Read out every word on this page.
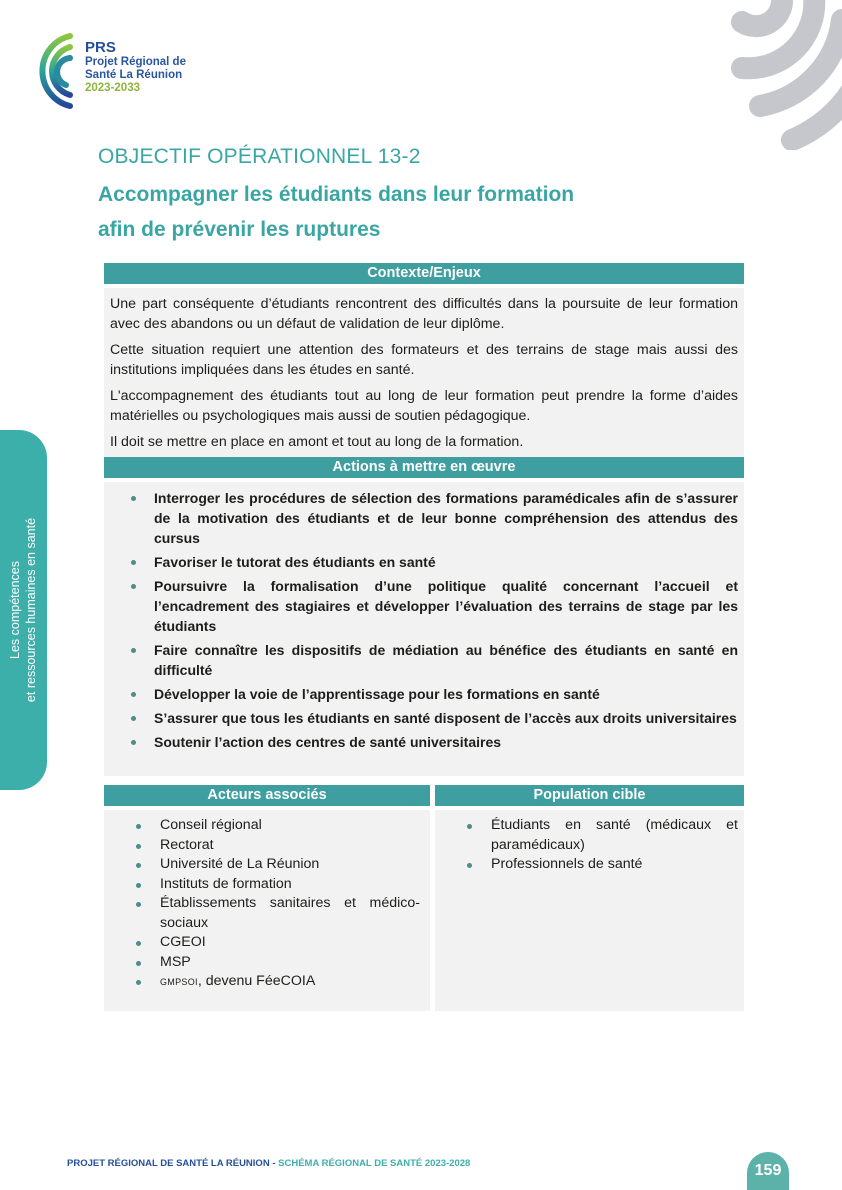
PRS
Projet Régional de
Santé La Réunion
2023-2033
OBJECTIF OPÉRATIONNEL 13-2
Accompagner les étudiants dans leur formation
afin de prévenir les ruptures
Contexte/Enjeux

Une part conséquente d’étudiants rencontrent des difficultés dans la poursuite de leur formation avec des abandons ou un défaut de validation de leur diplôme.

Cette situation requiert une attention des formateurs et des terrains de stage mais aussi des institutions impliquées dans les études en santé.

L'accompagnement des étudiants tout au long de leur formation peut prendre la forme d’aides matérielles ou psychologiques mais aussi de soutien pédagogique.

Il doit se mettre en place en amont et tout au long de la formation.

Actions à mettre en œuvre
Interroger les procédures de sélection des formations paramédicales afin de s’assurer de la motivation des étudiants et de leur bonne compréhension des attendus des cursus
Favoriser le tutorat des étudiants en santé
Poursuivre la formalisation d’une politique qualité concernant l’accueil et l’encadrement des stagiaires et développer l’évaluation des terrains de stage par les étudiants
Faire connaître les dispositifs de médiation au bénéfice des étudiants en santé en difficulté
Développer la voie de l’apprentissage pour les formations en santé
S’assurer que tous les étudiants en santé disposent de l’accès aux droits universitaires
Soutenir l’action des centres de santé universitaires
Acteurs associés
Conseil régional
Rectorat
Université de La Réunion
Instituts de formation
Établissements sanitaires et médico-sociaux
CGEOI
MSP
GMPSOI, devenu FéeCOIA
Population cible
Étudiants en santé (médicaux et paramédicaux)
Professionnels de santé
Les compétences et ressources humaines en santé
PROJET RÉGIONAL DE SANTÉ LA RÉUNION - SCHÉMA RÉGIONAL DE SANTÉ 2023-2028	159
